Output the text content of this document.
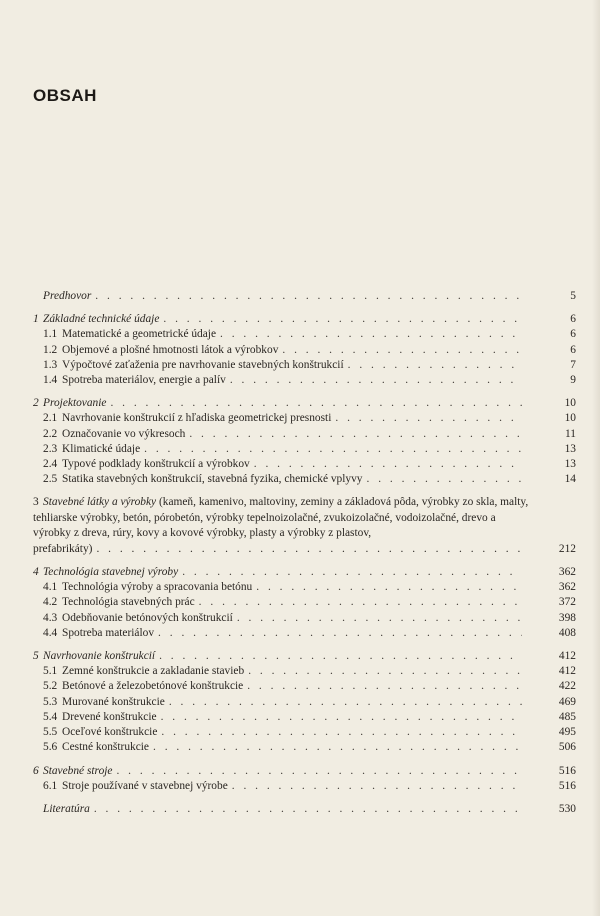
OBSAH
Predhovor . . .	5
1 Základné technické údaje . . .	6
1.1 Matematické a geometrické údaje . . .	6
1.2 Objemové a plošné hmotnosti látok a výrobkov . . .	6
1.3 Výpočtové zaťaženia pre navrhovanie stavebných konštrukcií . . .	7
1.4 Spotreba materiálov, energie a palív . . .	9
2 Projektovanie . . .	10
2.1 Navrhovanie konštrukcií z hľadiska geometrickej presnosti . . .	10
2.2 Označovanie vo výkresoch . . .	11
2.3 Klimatické údaje . . .	13
2.4 Typové podklady konštrukcií a výrobkov . . .	13
2.5 Statika stavebných konštrukcií, stavebná fyzika, chemické vplyvy . . .	14
3 Stavebné látky a výrobky (kameň, kamenivo, maltoviny, zeminy a základová pôda, výrobky zo skla, malty, tehliarske výrobky, betón, pórobetón, výrobky tepelnoizolačné, zvukoizolačné, vodoizolačné, drevo a výrobky z dreva, rúry, kovy a kovové výrobky, plasty a výrobky z plastov,
prefabrikáty) . . .	212
4 Technológia stavebnej výroby . . .	362
4.1 Technológia výroby a spracovania betónu . . .	362
4.2 Technológia stavebných prác . . .	372
4.3 Odebňovanie betónových konštrukcií . . .	398
4.4 Spotreba materiálov . . .	408
5 Navrhovanie konštrukcií . . .	412
5.1 Zemné konštrukcie a zakladanie stavieb . . .	412
5.2 Betónové a železobetónové konštrukcie . . .	422
5.3 Murované konštrukcie . . .	469
5.4 Drevené konštrukcie . . .	485
5.5 Oceľové konštrukcie . . .	495
5.6 Cestné konštrukcie . . .	506
6 Stavebné stroje . . .	516
6.1 Stroje používané v stavebnej výrobe . . .	516
Literatúra . . .	530
